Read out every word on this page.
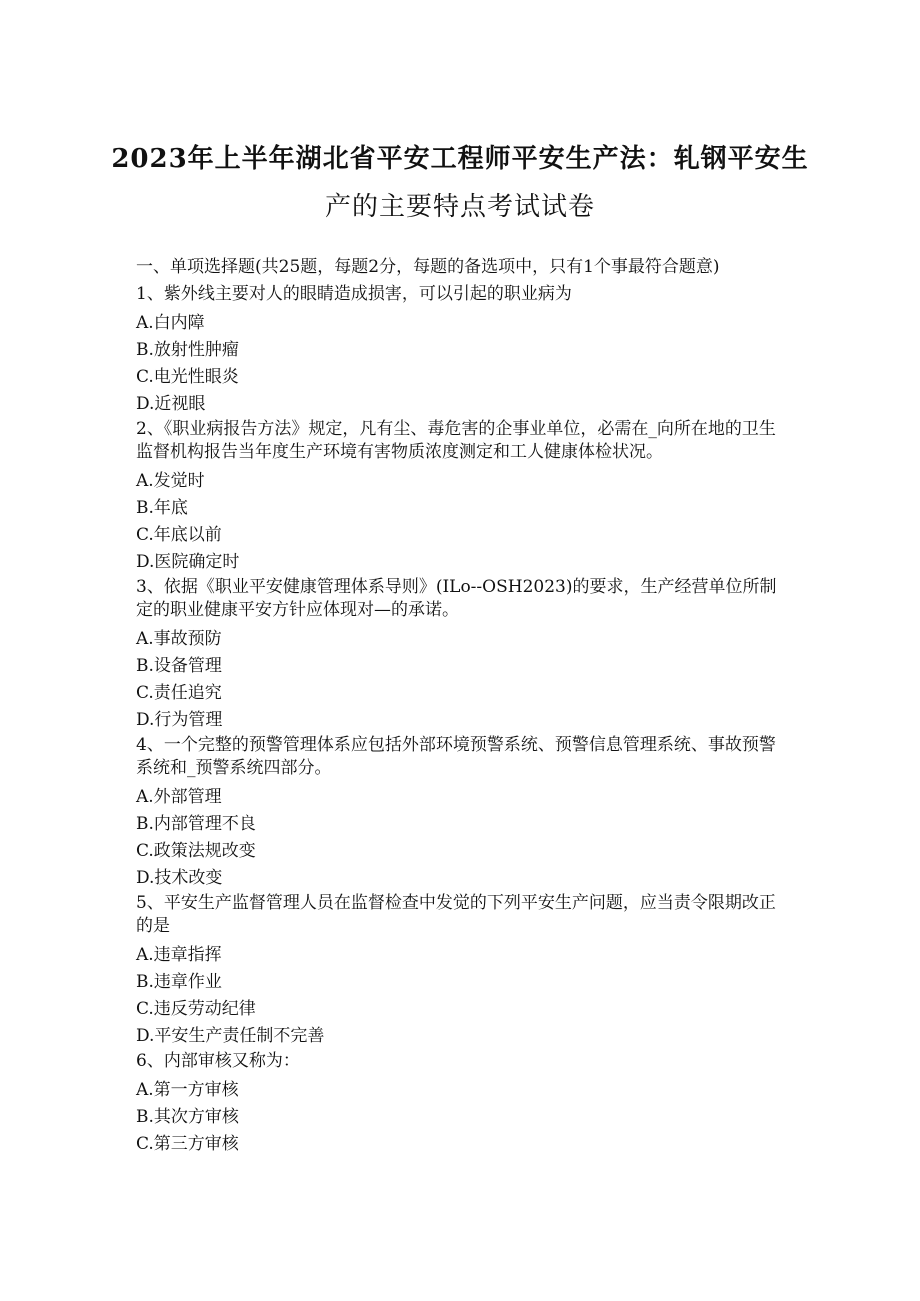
2023年上半年湖北省平安工程师平安生产法：轧钢平安生
产的主要特点考试试卷
一、单项选择题(共25题，每题2分，每题的备选项中，只有1个事最符合题意)
1、紫外线主要对人的眼睛造成损害，可以引起的职业病为
A.白内障
B.放射性肿瘤
C.电光性眼炎
D.近视眼
2、《职业病报告方法》规定，凡有尘、毒危害的企事业单位，必需在_向所在地的卫生监督机构报告当年度生产环境有害物质浓度测定和工人健康体检状况。
A.发觉时
B.年底
C.年底以前
D.医院确定时
3、依据《职业平安健康管理体系导则》(ILo--OSH2023)的要求，生产经营单位所制定的职业健康平安方针应体现对—的承诺。
A.事故预防
B.设备管理
C.责任追究
D.行为管理
4、一个完整的预警管理体系应包括外部环境预警系统、预警信息管理系统、事故预警系统和_预警系统四部分。
A.外部管理
B.内部管理不良
C.政策法规改变
D.技术改变
5、平安生产监督管理人员在监督检查中发觉的下列平安生产问题，应当责令限期改正的是
A.违章指挥
B.违章作业
C.违反劳动纪律
D.平安生产责任制不完善
6、内部审核又称为：
A.第一方审核
B.其次方审核
C.第三方审核
